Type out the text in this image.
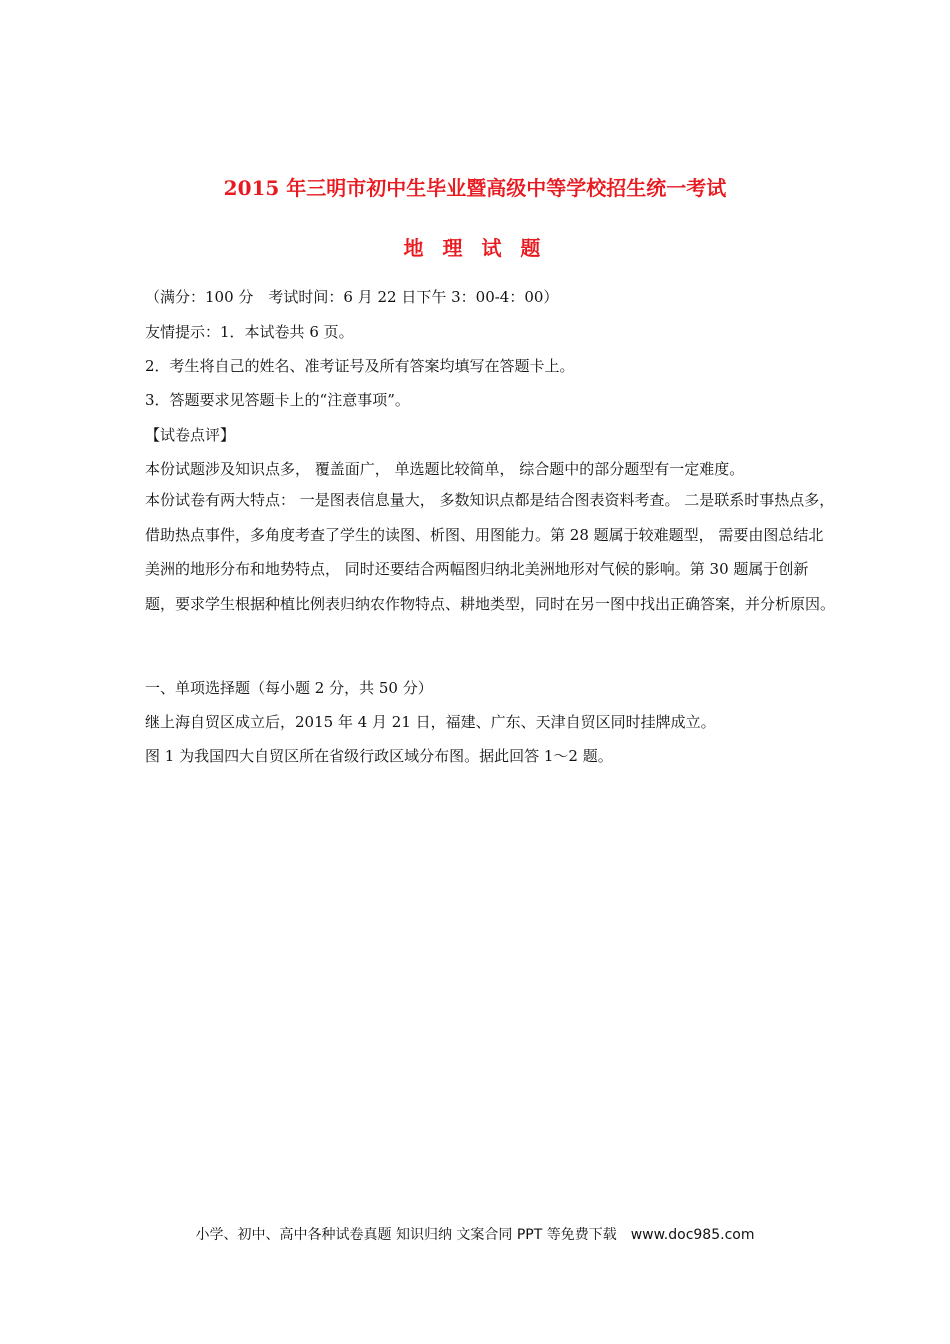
2015 年三明市初中生毕业暨高级中等学校招生统一考试
地 理 试 题
（满分：100 分　考试时间：6 月 22 日下午 3：00-4：00）
友情提示：1．本试卷共 6 页。
2．考生将自己的姓名、准考证号及所有答案均填写在答题卡上。
3．答题要求见答题卡上的“注意事项”。
【试卷点评】
本份试题涉及知识点多， 覆盖面广， 单选题比较简单， 综合题中的部分题型有一定难度。
本份试卷有两大特点： 一是图表信息量大， 多数知识点都是结合图表资料考查。 二是联系时事热点多，借助热点事件，多角度考查了学生的读图、析图、用图能力。第 28 题属于较难题型， 需要由图总结北美洲的地形分布和地势特点， 同时还要结合两幅图归纳北美洲地形对气候的影响。第 30 题属于创新题，要求学生根据种植比例表归纳农作物特点、耕地类型，同时在另一图中找出正确答案，并分析原因。
一、单项选择题（每小题 2 分，共 50 分）
继上海自贸区成立后，2015 年 4 月 21 日，福建、广东、天津自贸区同时挂牌成立。
图 1 为我国四大自贸区所在省级行政区域分布图。据此回答 1～2 题。
小学、初中、高中各种试卷真题 知识归纳 文案合同 PPT 等免费下载　www.doc985.com
